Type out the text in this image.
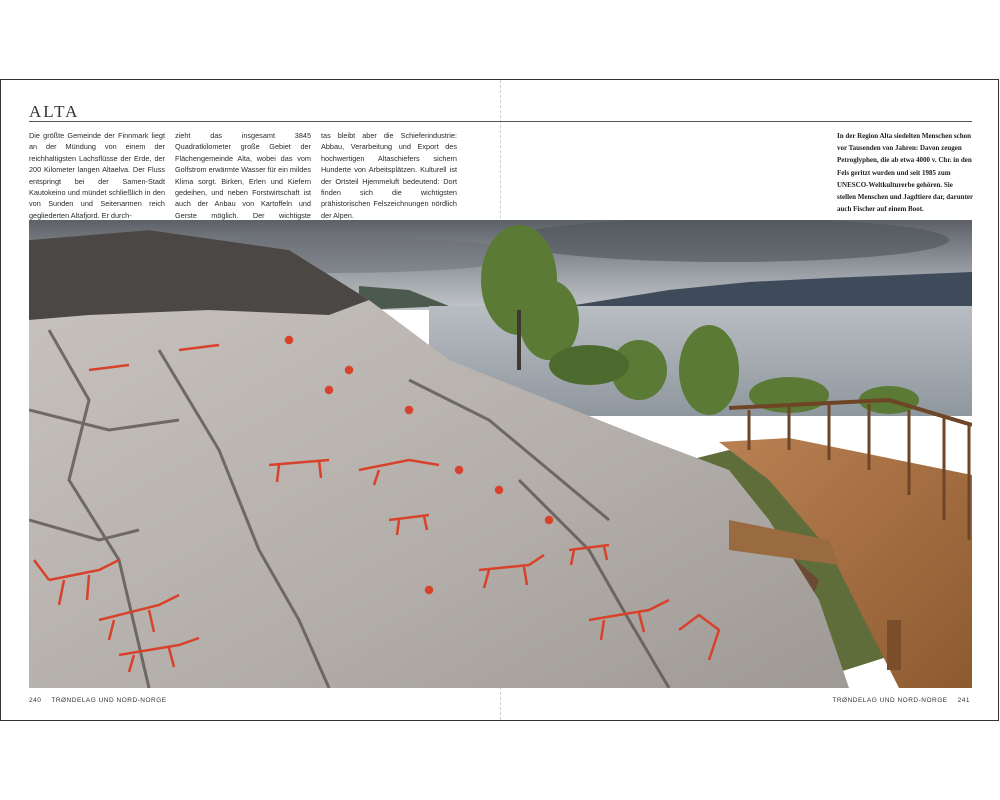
ALTA
Die größte Gemeinde der Finnmark liegt an der Mündung von einem der reichhaltigsten Lachsflüsse der Erde, der 200 Kilometer langen Altaelva. Der Fluss entspringt bei der Samen-Stadt Kautokeino und mündet schließlich in den von Sunden und Seitenarmen reich gegliederten Altafjord. Er durch-
zieht das insgesamt 3845 Quadratkilometer große Gebiet der Flächengemeinde Alta, wobei das vom Golfstrom erwärmte Wasser für ein mildes Klima sorgt. Birken, Erlen und Kiefern gedeihen, und neben Forstwirtschaft ist auch der Anbau von Kartoffeln und Gerste möglich. Der wichtigste
tas bleibt aber die Schieferindustrie: Abbau, Verarbeitung und Export des hochwertigen Altaschiefers sichern Hunderte von Arbeitsplätzen. Kulturell ist der Ortsteil Hjemmeluft bedeutend: Dort finden sich die wichtigsten prähistorischen Felszeichnungen nördlich der Alpen.
In der Region Alta siedelten Menschen schon vor Tausenden von Jahren: Davon zeugen Petroglyphen, die ab etwa 4000 v. Chr. in den Fels geritzt wurden und seit 1985 zum UNESCO-Weltkulturerbe gehören. Sie stellen Menschen und Jagdtiere dar, darunter auch Fischer auf einem Boot.
240 TRØNDELAG UND NORD-NORGE	TRØNDELAG UND NORD-NORGE 241
